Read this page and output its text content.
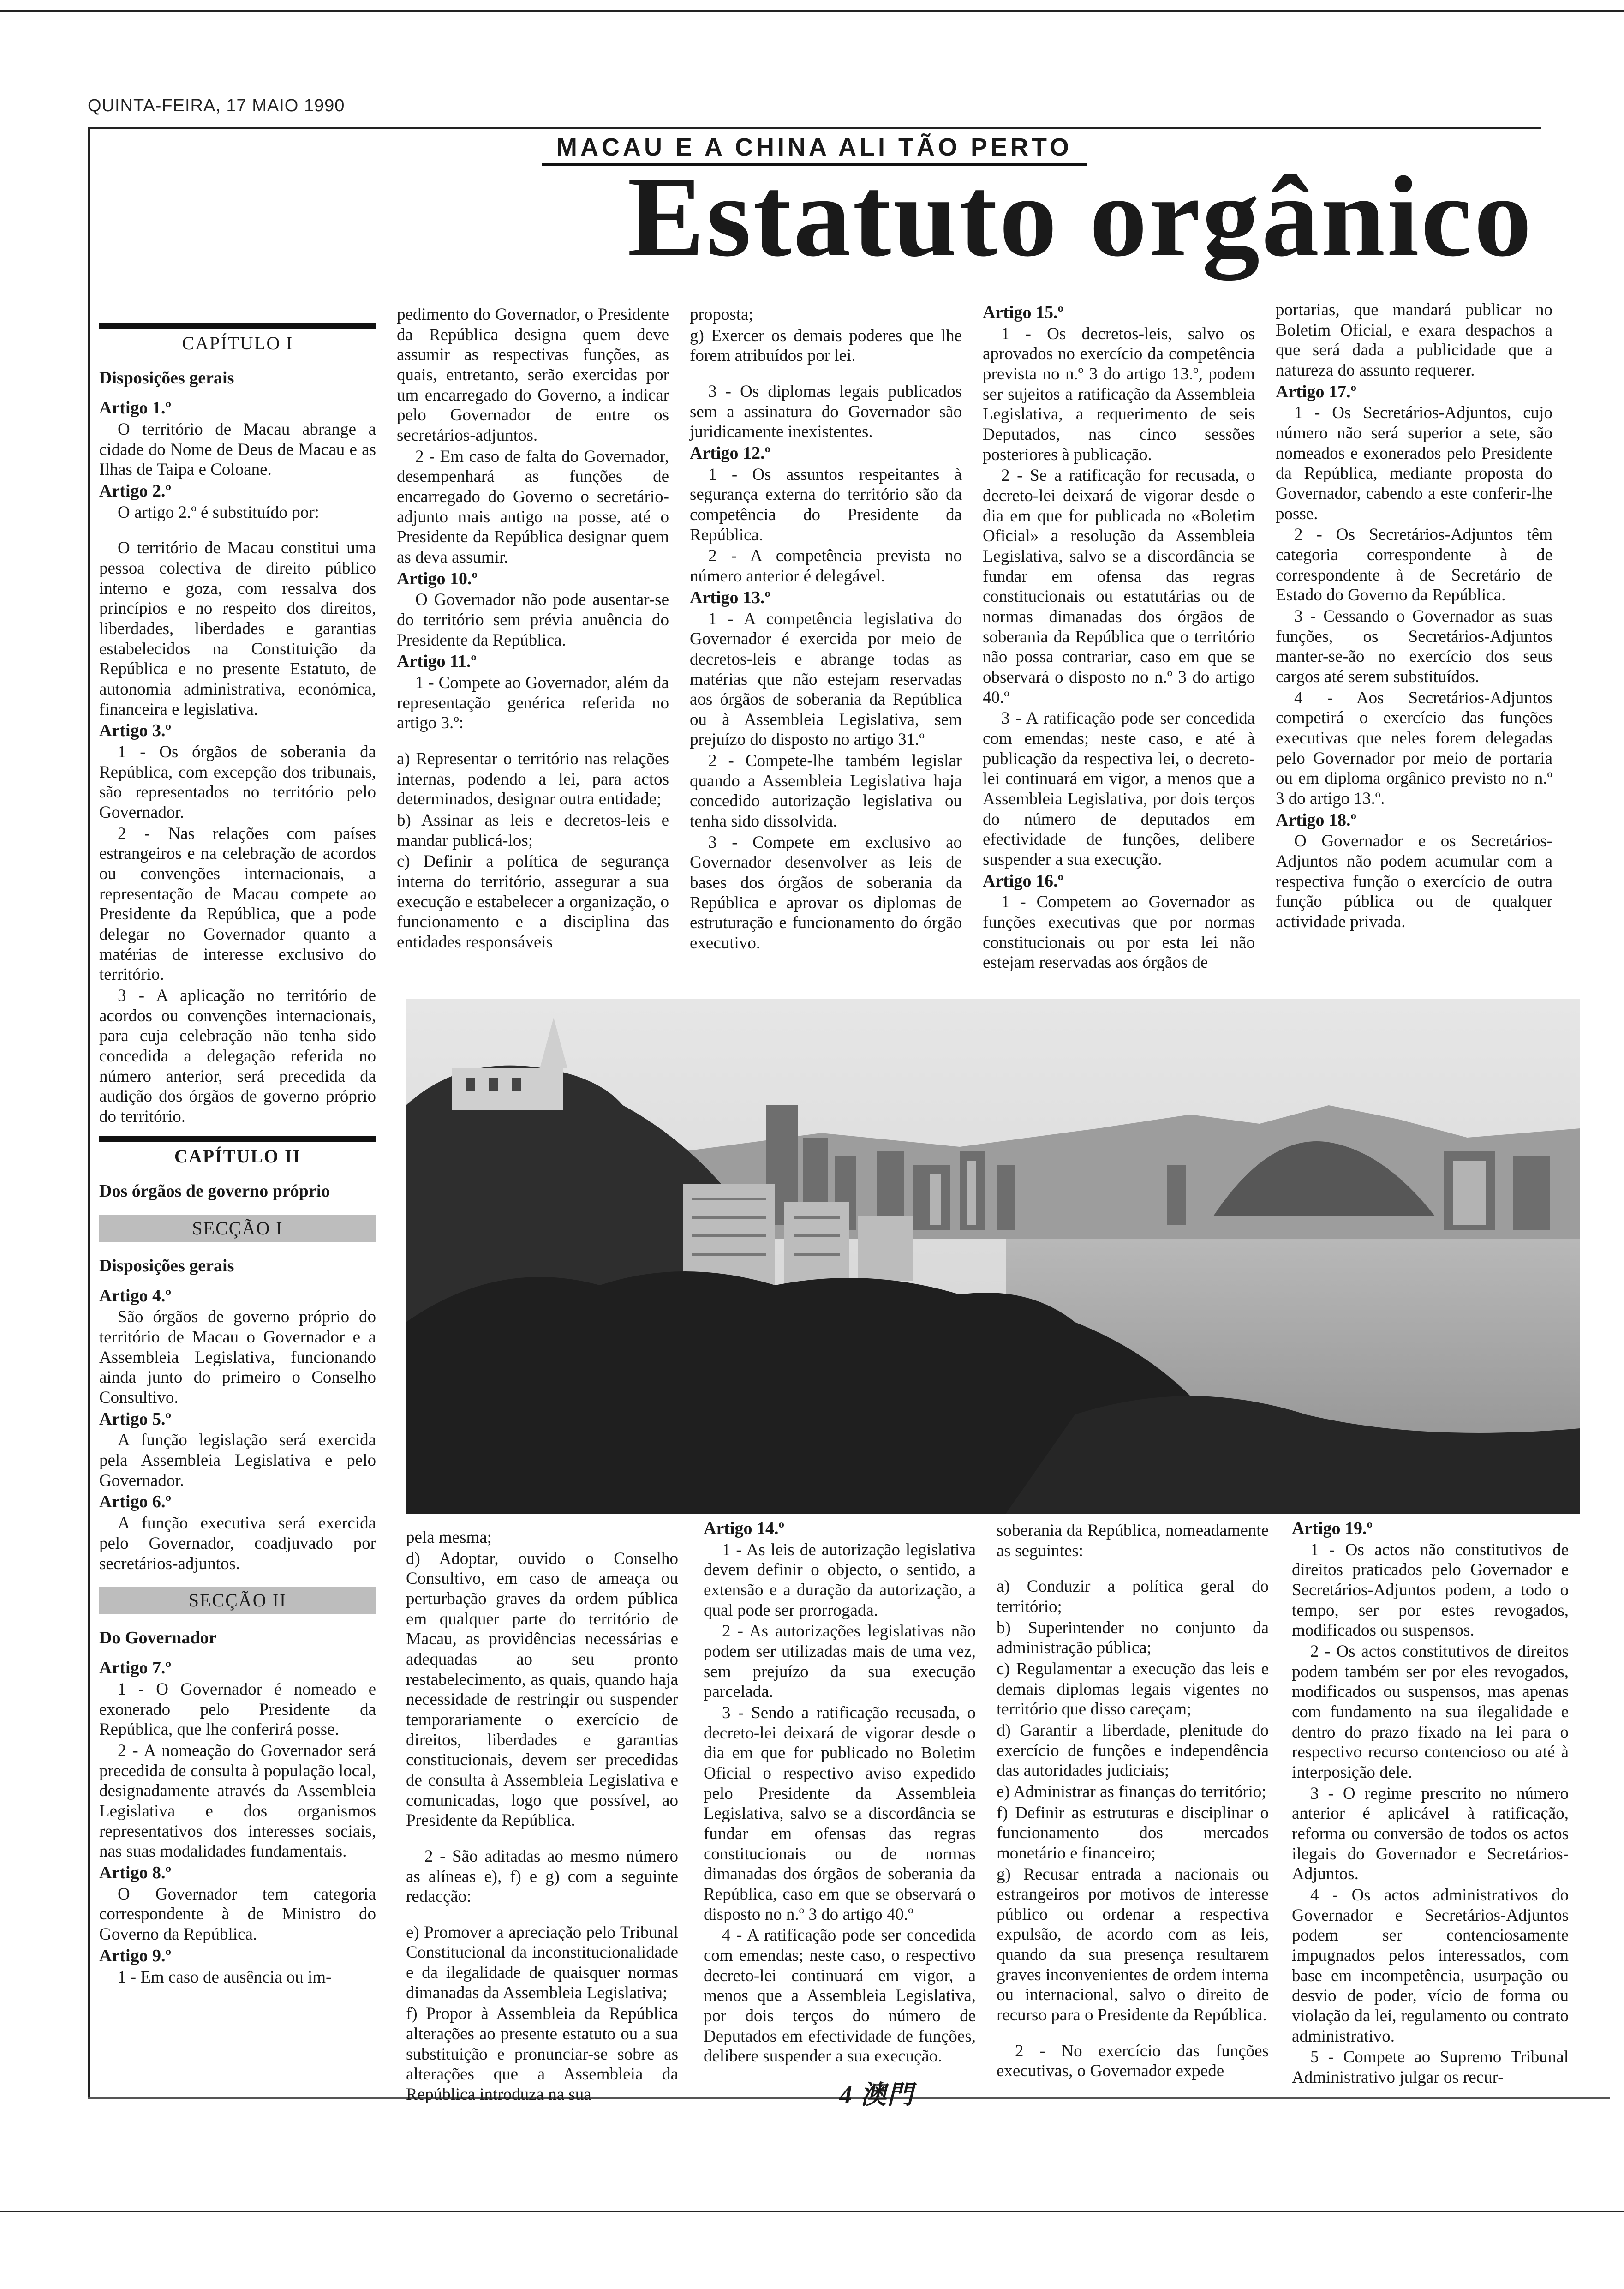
QUINTA-FEIRA, 17 MAIO 1990
MACAU E A CHINA ALI TÃO PERTO
Estatuto orgânico
CAPÍTULO I
Disposições gerais

Artigo 1.º

O território de Macau abrange a cidade do Nome de Deus de Macau e as Ilhas de Taipa e Coloane.

Artigo 2.º

O artigo 2.º é substituído por:

O território de Macau constitui uma pessoa colectiva de direito público interno e goza, com ressalva dos princípios e no respeito dos direitos, liberdades, liberdades e garantias estabelecidos na Constituição da República e no presente Estatuto, de autonomia administrativa, económica, financeira e legislativa.

Artigo 3.º

1 - Os órgãos de soberania da República, com excepção dos tribunais, são representados no território pelo Governador.

2 - Nas relações com países estrangeiros e na celebração de acordos ou convenções internacionais, a representação de Macau compete ao Presidente da República, que a pode delegar no Governador quanto a matérias de interesse exclusivo do território.

3 - A aplicação no território de acordos ou convenções internacionais, para cuja celebração não tenha sido concedida a delegação referida no número anterior, será precedida da audição dos órgãos de governo próprio do território.

CAPÍTULO II
Dos órgãos de governo próprio
SECÇÃO I
Disposições gerais

Artigo 4.º

São órgãos de governo próprio do território de Macau o Governador e a Assembleia Legislativa, funcionando ainda junto do primeiro o Conselho Consultivo.

Artigo 5.º

A função legislação será exercida pela Assembleia Legislativa e pelo Governador.

Artigo 6.º

A função executiva será exercida pelo Governador, coadjuvado por secretários-adjuntos.

SECÇÃO II
Do Governador

Artigo 7.º

1 - O Governador é nomeado e exonerado pelo Presidente da República, que lhe conferirá posse.

2 - A nomeação do Governador será precedida de consulta à população local, designadamente através da Assembleia Legislativa e dos organismos representativos dos interesses sociais, nas suas modalidades fundamentais.

Artigo 8.º

O Governador tem categoria correspondente à de Ministro do Governo da República.

Artigo 9.º

1 - Em caso de ausência ou im-

pedimento do Governador, o Presidente da República designa quem deve assumir as respectivas funções, as quais, entretanto, serão exercidas por um encarregado do Governo, a indicar pelo Governador de entre os secretários-adjuntos.

2 - Em caso de falta do Governador, desempenhará as funções de encarregado do Governo o secretário-adjunto mais antigo na posse, até o Presidente da República designar quem as deva assumir.

Artigo 10.º

O Governador não pode ausentar-se do território sem prévia anuência do Presidente da República.

Artigo 11.º

1 - Compete ao Governador, além da representação genérica referida no artigo 3.º:

a) Representar o território nas relações internas, podendo a lei, para actos determinados, designar outra entidade;

b) Assinar as leis e decretos-leis e mandar publicá-los;

c) Definir a política de segurança interna do território, assegurar a sua execução e estabelecer a organização, o funcionamento e a disciplina das entidades responsáveis

proposta;

g) Exercer os demais poderes que lhe forem atribuídos por lei.

3 - Os diplomas legais publicados sem a assinatura do Governador são juridicamente inexistentes.

Artigo 12.º

1 - Os assuntos respeitantes à segurança externa do território são da competência do Presidente da República.

2 - A competência prevista no número anterior é delegável.

Artigo 13.º

1 - A competência legislativa do Governador é exercida por meio de decretos-leis e abrange todas as matérias que não estejam reservadas aos órgãos de soberania da República ou à Assembleia Legislativa, sem prejuízo do disposto no artigo 31.º

2 - Compete-lhe também legislar quando a Assembleia Legislativa haja concedido autorização legislativa ou tenha sido dissolvida.

3 - Compete em exclusivo ao Governador desenvolver as leis de bases dos órgãos de soberania da República e aprovar os diplomas de estruturação e funcionamento do órgão executivo.

Artigo 15.º

1 - Os decretos-leis, salvo os aprovados no exercício da competência prevista no n.º 3 do artigo 13.º, podem ser sujeitos a ratificação da Assembleia Legislativa, a requerimento de seis Deputados, nas cinco sessões posteriores à publicação.

2 - Se a ratificação for recusada, o decreto-lei deixará de vigorar desde o dia em que for publicada no «Boletim Oficial» a resolução da Assembleia Legislativa, salvo se a discordância se fundar em ofensa das regras constitucionais ou estatutárias ou de normas dimanadas dos órgãos de soberania da República que o território não possa contrariar, caso em que se observará o disposto no n.º 3 do artigo 40.º

3 - A ratificação pode ser concedida com emendas; neste caso, e até à publicação da respectiva lei, o decreto-lei continuará em vigor, a menos que a Assembleia Legislativa, por dois terços do número de deputados em efectividade de funções, delibere suspender a sua execução.

Artigo 16.º

1 - Competem ao Governador as funções executivas que por normas constitucionais ou por esta lei não estejam reservadas aos órgãos de

portarias, que mandará publicar no Boletim Oficial, e exara despachos a que será dada a publicidade que a natureza do assunto requerer.

Artigo 17.º

1 - Os Secretários-Adjuntos, cujo número não será superior a sete, são nomeados e exonerados pelo Presidente da República, mediante proposta do Governador, cabendo a este conferir-lhe posse.

2 - Os Secretários-Adjuntos têm categoria correspondente à de correspondente à de Secretário de Estado do Governo da República.

3 - Cessando o Governador as suas funções, os Secretários-Adjuntos manter-se-ão no exercício dos seus cargos até serem substituídos.

4 - Aos Secretários-Adjuntos competirá o exercício das funções executivas que neles forem delegadas pelo Governador por meio de portaria ou em diploma orgânico previsto no n.º 3 do artigo 13.º.

Artigo 18.º

O Governador e os Secretários-Adjuntos não podem acumular com a respectiva função o exercício de outra função pública ou de qualquer actividade privada.

pela mesma;

d) Adoptar, ouvido o Conselho Consultivo, em caso de ameaça ou perturbação graves da ordem pública em qualquer parte do território de Macau, as providências necessárias e adequadas ao seu pronto restabelecimento, as quais, quando haja necessidade de restringir ou suspender temporariamente o exercício de direitos, liberdades e garantias constitucionais, devem ser precedidas de consulta à Assembleia Legislativa e comunicadas, logo que possível, ao Presidente da República.

2 - São aditadas ao mesmo número as alíneas e), f) e g) com a seguinte redacção:

e) Promover a apreciação pelo Tribunal Constitucional da inconstitucionalidade e da ilegalidade de quaisquer normas dimanadas da Assembleia Legislativa;

f) Propor à Assembleia da República alterações ao presente estatuto ou a sua substituição e pronunciar-se sobre as alterações que a Assembleia da República introduza na sua

Artigo 14.º

1 - As leis de autorização legislativa devem definir o objecto, o sentido, a extensão e a duração da autorização, a qual pode ser prorrogada.

2 - As autorizações legislativas não podem ser utilizadas mais de uma vez, sem prejuízo da sua execução parcelada.

3 - Sendo a ratificação recusada, o decreto-lei deixará de vigorar desde o dia em que for publicado no Boletim Oficial o respectivo aviso expedido pelo Presidente da Assembleia Legislativa, salvo se a discordância se fundar em ofensas das regras constitucionais ou de normas dimanadas dos órgãos de soberania da República, caso em que se observará o disposto no n.º 3 do artigo 40.º

4 - A ratificação pode ser concedida com emendas; neste caso, o respectivo decreto-lei continuará em vigor, a menos que a Assembleia Legislativa, por dois terços do número de Deputados em efectividade de funções, delibere suspender a sua execução.

soberania da República, nomeadamente as seguintes:

a) Conduzir a política geral do território;

b) Superintender no conjunto da administração pública;

c) Regulamentar a execução das leis e demais diplomas legais vigentes no território que disso careçam;

d) Garantir a liberdade, plenitude do exercício de funções e independência das autoridades judiciais;

e) Administrar as finanças do território;

f) Definir as estruturas e disciplinar o funcionamento dos mercados monetário e financeiro;

g) Recusar entrada a nacionais ou estrangeiros por motivos de interesse público ou ordenar a respectiva expulsão, de acordo com as leis, quando da sua presença resultarem graves inconvenientes de ordem interna ou internacional, salvo o direito de recurso para o Presidente da República.

2 - No exercício das funções executivas, o Governador expede

Artigo 19.º

1 - Os actos não constitutivos de direitos praticados pelo Governador e Secretários-Adjuntos podem, a todo o tempo, ser por estes revogados, modificados ou suspensos.

2 - Os actos constitutivos de direitos podem também ser por eles revogados, modificados ou suspensos, mas apenas com fundamento na sua ilegalidade e dentro do prazo fixado na lei para o respectivo recurso contencioso ou até à interposição dele.

3 - O regime prescrito no número anterior é aplicável à ratificação, reforma ou conversão de todos os actos ilegais do Governador e Secretários-Adjuntos.

4 - Os actos administrativos do Governador e Secretários-Adjuntos podem ser contenciosamente impugnados pelos interessados, com base em incompetência, usurpação ou desvio de poder, vício de forma ou violação da lei, regulamento ou contrato administrativo.

5 - Compete ao Supremo Tribunal Administrativo julgar os recur-

4 澳門
